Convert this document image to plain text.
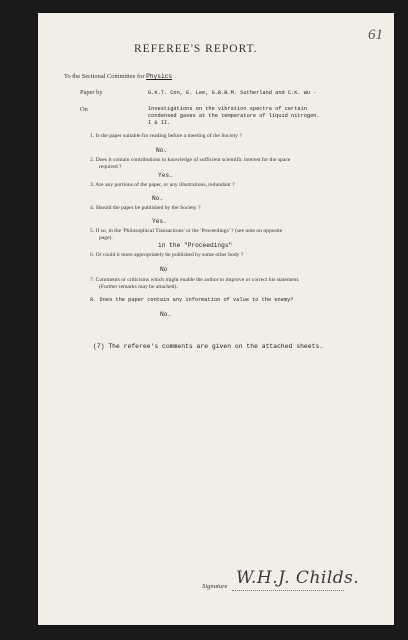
61
REFEREE'S REPORT.
To the Sectional Committee for Physics
Paper by	G.K.T. Con, E. Lee, G.B.B.M. Sutherland and C.K. Wu -
On	Investigations on the vibration spectra of certain
condensed gases at the temperature of liquid nitrogen.
I & II.
1. Is the paper suitable for reading before a meeting of the Society ?
No.
2. Does it contain contributions to knowledge of sufficient scientific interest for the space
required ?
Yes.
3. Are any portions of the paper, or any illustrations, redundant ?
No.
4. Should the paper be published by the Society ?
Yes.
5. If so, in the 'Philosophical Transactions' or the 'Proceedings' ? (see note on opposite
page).
in the "Proceedings"
6. Or could it more appropriately be published by some other body ?
No
7. Comments or criticisms which might enable the author to improve or correct his statement.
(Further remarks may be attached).
8. Does the paper contain any information of value to the enemy?
No.
(7) The referee's comments are given on the attached sheets.
Signature W.H.J. Childs.
